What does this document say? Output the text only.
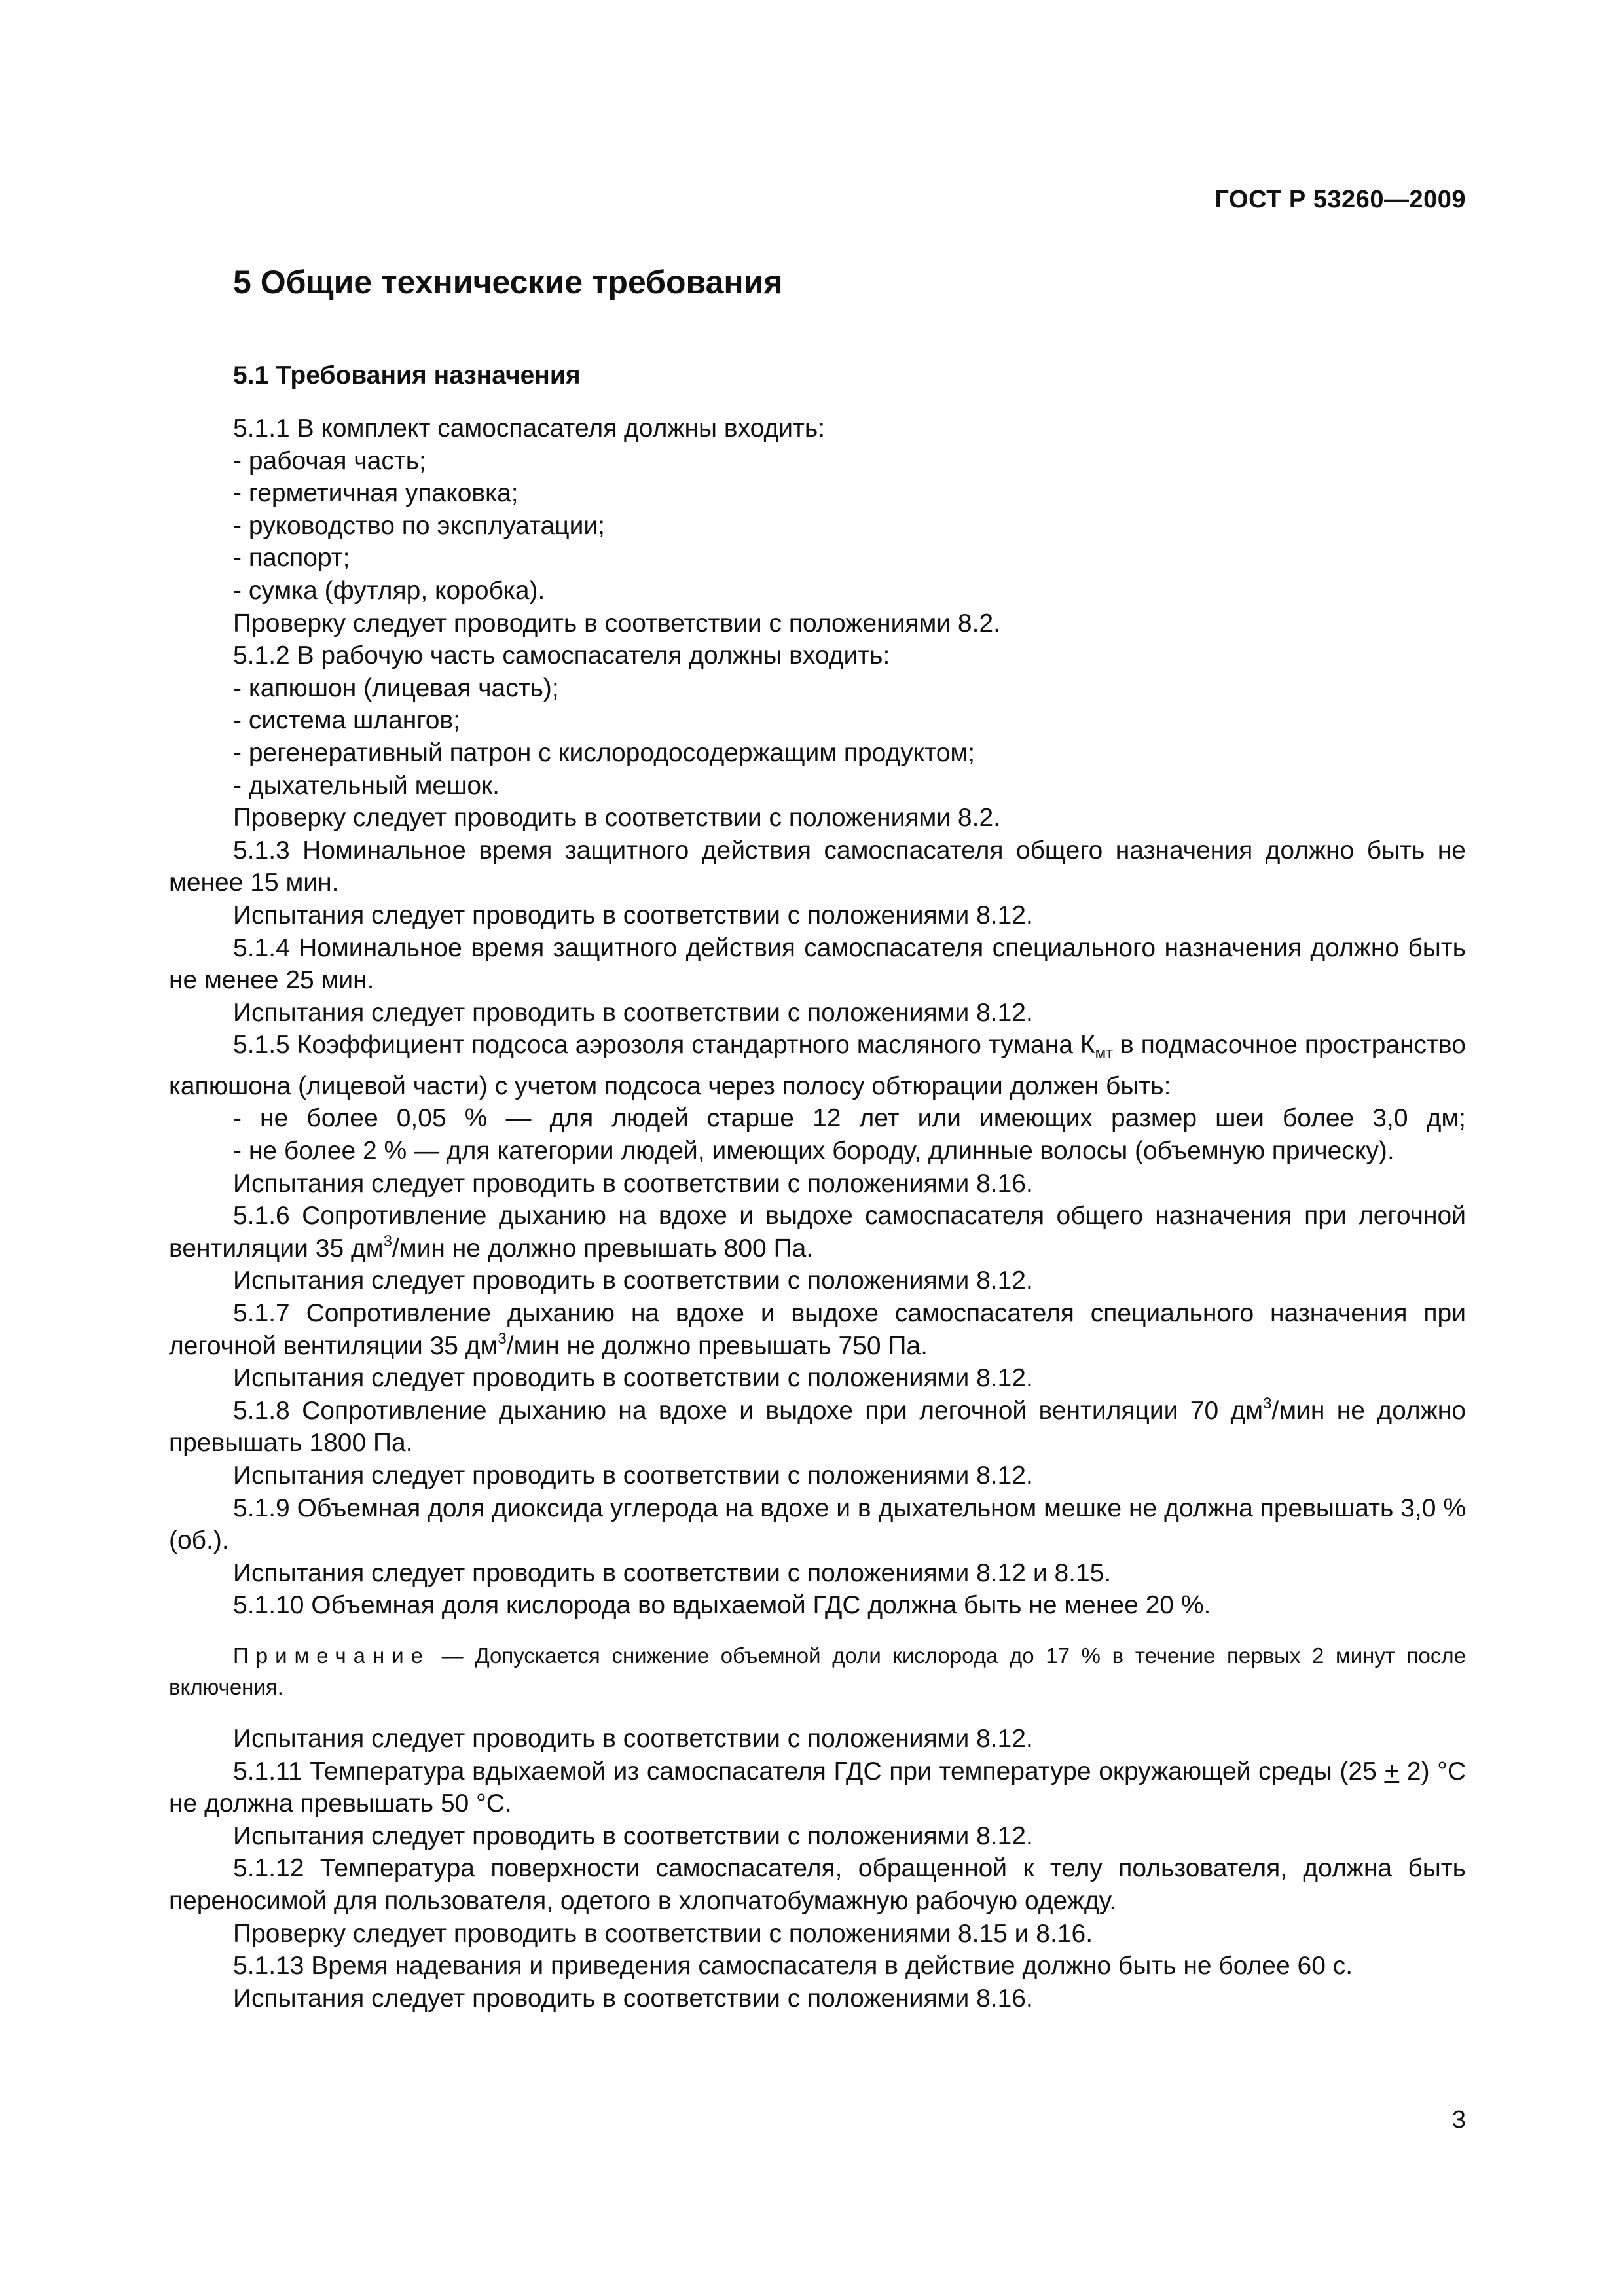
ГОСТ Р 53260—2009
5 Общие технические требования
5.1 Требования назначения

5.1.1 В комплект самоспасателя должны входить:

- рабочая часть;

- герметичная упаковка;

- руководство по эксплуатации;

- паспорт;

- сумка (футляр, коробка).

Проверку следует проводить в соответствии с положениями 8.2.

5.1.2 В рабочую часть самоспасателя должны входить:

- капюшон (лицевая часть);

- система шлангов;

- регенеративный патрон с кислородосодержащим продуктом;

- дыхательный мешок.

Проверку следует проводить в соответствии с положениями 8.2.

5.1.3 Номинальное время защитного действия самоспасателя общего назначения должно быть не менее 15 мин.

Испытания следует проводить в соответствии с положениями 8.12.

5.1.4 Номинальное время защитного действия самоспасателя специального назначения должно быть не менее 25 мин.

Испытания следует проводить в соответствии с положениями 8.12.

5.1.5 Коэффициент подсоса аэрозоля стандартного масляного тумана $К_{мт}$ в подмасочное пространство капюшона (лицевой части) с учетом подсоса через полосу обтюрации должен быть:

- не более 0,05 % — для людей старше 12 лет или имеющих размер шеи более 3,0 дм;

- не более 2 % — для категории людей, имеющих бороду, длинные волосы (объемную прическу).

Испытания следует проводить в соответствии с положениями 8.16.

5.1.6 Сопротивление дыханию на вдохе и выдохе самоспасателя общего назначения при легочной вентиляции 35 $дм^3$/мин не должно превышать 800 Па.

Испытания следует проводить в соответствии с положениями 8.12.

5.1.7 Сопротивление дыханию на вдохе и выдохе самоспасателя специального назначения при легочной вентиляции 35 $дм^3$/мин не должно превышать 750 Па.

Испытания следует проводить в соответствии с положениями 8.12.

5.1.8 Сопротивление дыханию на вдохе и выдохе при легочной вентиляции 70 $дм^3$/мин не должно превышать 1800 Па.

Испытания следует проводить в соответствии с положениями 8.12.

5.1.9 Объемная доля диоксида углерода на вдохе и в дыхательном мешке не должна превышать 3,0 % (об.).

Испытания следует проводить в соответствии с положениями 8.12 и 8.15.

5.1.10 Объемная доля кислорода во вдыхаемой ГДС должна быть не менее 20 %.

Примечание — Допускается снижение объемной доли кислорода до 17 % в течение первых 2 минут после включения.

Испытания следует проводить в соответствии с положениями 8.12.

5.1.11 Температура вдыхаемой из самоспасателя ГДС при температуре окружающей среды (25 + 2) °С не должна превышать 50 °С.

Испытания следует проводить в соответствии с положениями 8.12.

5.1.12 Температура поверхности самоспасателя, обращенной к телу пользователя, должна быть переносимой для пользователя, одетого в хлопчатобумажную рабочую одежду.

Проверку следует проводить в соответствии с положениями 8.15 и 8.16.

5.1.13 Время надевания и приведения самоспасателя в действие должно быть не более 60 с.

Испытания следует проводить в соответствии с положениями 8.16.

3
